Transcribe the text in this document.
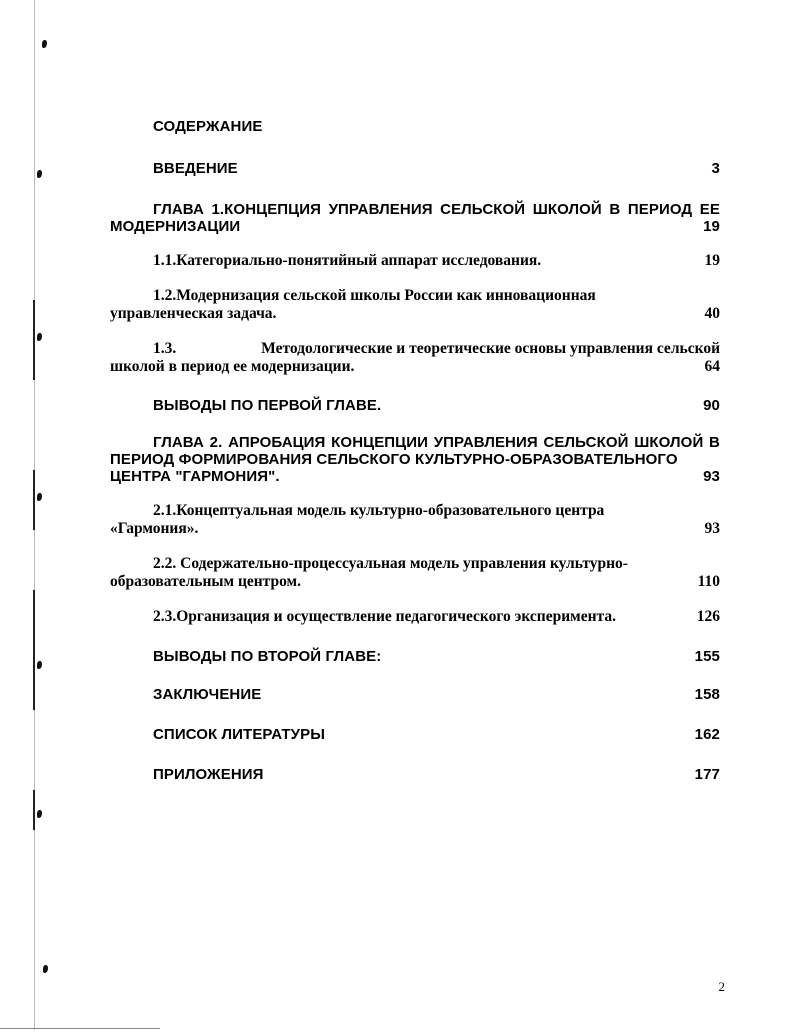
СОДЕРЖАНИЕ
ВВЕДЕНИЕ	3
ГЛАВА 1.КОНЦЕПЦИЯ УПРАВЛЕНИЯ СЕЛЬСКОЙ ШКОЛОЙ В ПЕРИОД ЕЕ
МОДЕРНИЗАЦИИ	19
1.1.Категориально-понятийный аппарат исследования.	19
1.2.Модернизация сельской школы России как инновационная
управленческая задача.	40
1.3.	Методологические и теоретические основы управления сельской
школой в период ее модернизации.	64
ВЫВОДЫ ПО ПЕРВОЙ ГЛАВЕ.	90
ГЛАВА 2. АПРОБАЦИЯ КОНЦЕПЦИИ УПРАВЛЕНИЯ СЕЛЬСКОЙ ШКОЛОЙ В
ПЕРИОД ФОРМИРОВАНИЯ СЕЛЬСКОГО КУЛЬТУРНО-ОБРАЗОВАТЕЛЬНОГО
ЦЕНТРА "ГАРМОНИЯ".	93
2.1.Концептуальная модель культурно-образовательного центра
«Гармония».	93
2.2. Содержательно-процессуальная модель управления культурно-
образовательным центром.	110
2.3.Организация и осуществление педагогического эксперимента.	126
ВЫВОДЫ ПО ВТОРОЙ ГЛАВЕ:	155
ЗАКЛЮЧЕНИЕ	158
СПИСОК ЛИТЕРАТУРЫ	162
ПРИЛОЖЕНИЯ	177
2
